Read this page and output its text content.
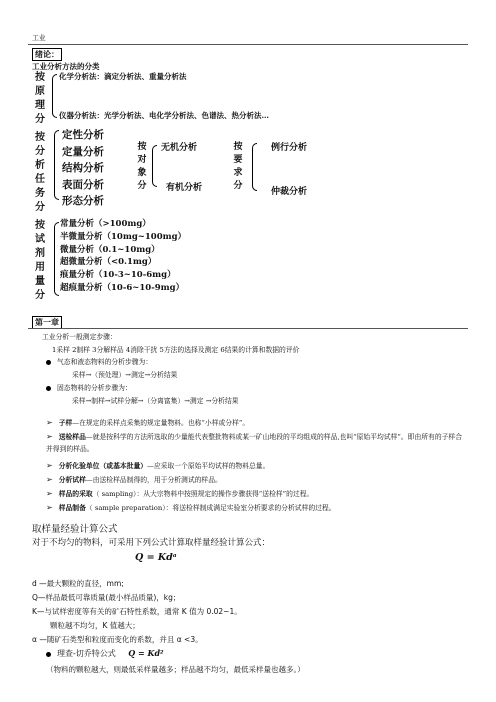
工业
绪论：
工业分析方法的分类
按原理分
化学分析法：滴定分析法、重量分析法
仪器分析法：光学分析法、电化学分析法、色谱法、热分析法…
按分析任务分
定性分析
定量分析
结构分析
表面分析
形态分析
按对象分
无机分析
有机分析
按要求分
例行分析
仲裁分析
按试剂用量分
常量分析（>100mg）
半微量分析（10mg~100mg）
微量分析（0.1~10mg）
超微量分析（<0.1mg）
痕量分析（10-3~10-6mg）
超痕量分析（10-6~10-9mg）
第一章
工业分析一般测定步骤：
1采样 2制样 3分解样品 4消除干扰 5方法的选择及测定 6结果的计算和数据的评价
气态和液态物料的分析步骤为：
采样→（预处理）→测定→分析结果
固态物料的分析步骤为：
采样→制样→试样分解→（分离富集）→测定 →分析结果
➢ 子样—在规定的采样点采集的规定量物料。也称“小样或分样”。
➢ 送检样品—就是按科学的方法所选取的少量能代表整批物料或某一矿山地段的平均组成的样品,也叫“原始平均试样”。即由所有的子样合并得到的样品。
➢ 分析化验单位（或基本批量）—应采取一个原始平均试样的物料总量。
➢ 分析试样—由送检样品制得的，用于分析测试的样品。
➢ 样品的采取（ sampling）：从大宗物料中按照规定的操作步骤获得“送检样”的过程。
➢ 样品制备（ sample preparation）：将送检样制成满足实验室分析要求的分析试样的过程。
取样量经验计算公式
对于不均匀的物料，可采用下列公式计算取样量经验计算公式：
Q = Kdᵃ
d —最大颗粒的直径，mm;
Q—样品最低可靠质量(最小样品质量)，kg；
K—与试样密度等有关的矿石特性系数，通常 K 值为 0.02~1。
颗粒越不均匀，K 值越大；
α —随矿石类型和粒度而变化的系数，并且 α <3。
理查-切乔特公式 Q = Kd²
（物料的颗粒越大，则最低采样量越多；样品越不均匀，最低采样量也越多。）
